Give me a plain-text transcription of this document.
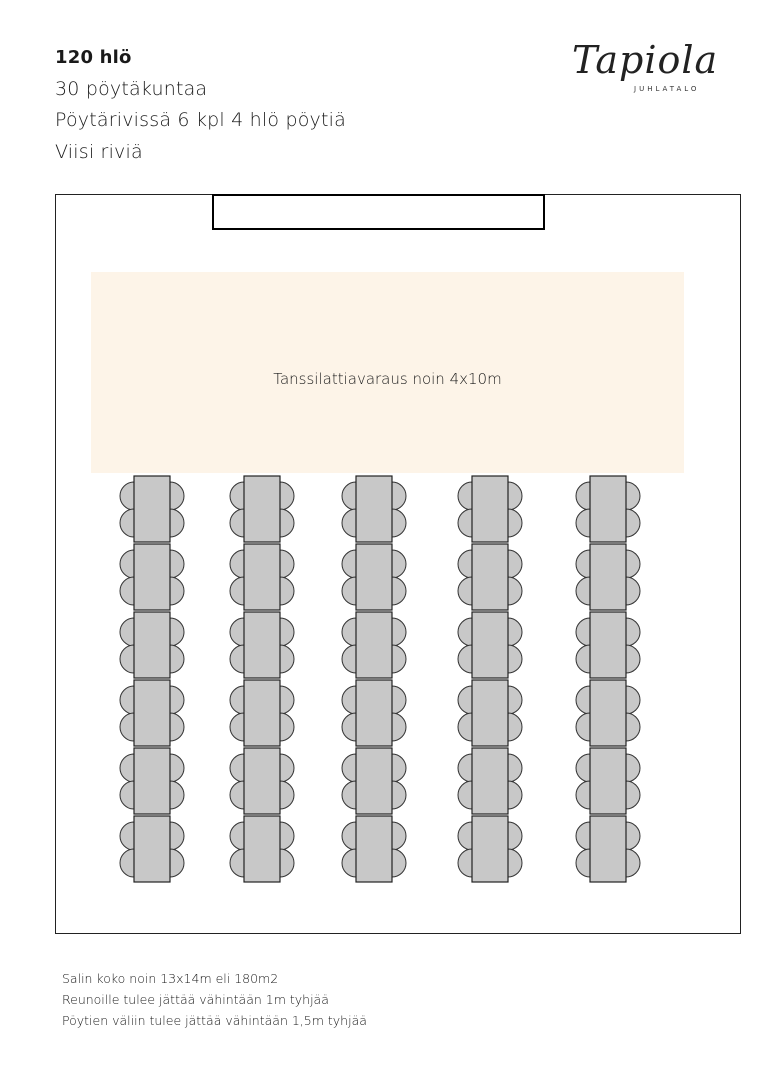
120 hlö
30 pöytäkuntaa
Pöytärivissä 6 kpl 4 hlö pöytiä
Viisi riviä
Tapiola
JUHLATALO
Tanssilattiavaraus noin 4x10m
Salin koko noin 13x14m eli 180m2
Reunoille tulee jättää vähintään 1m tyhjää
Pöytien väliin tulee jättää vähintään 1,5m tyhjää
